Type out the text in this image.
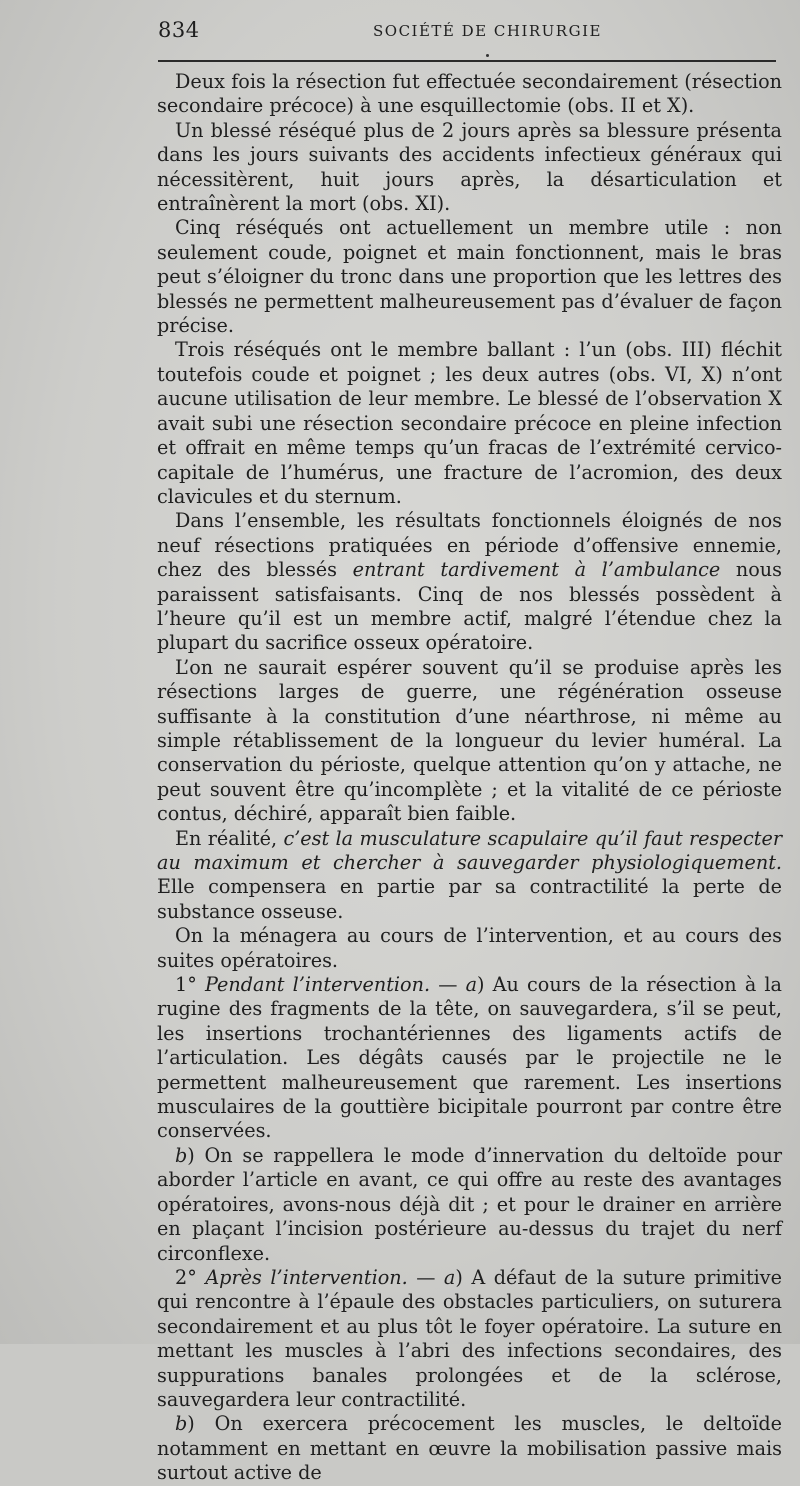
834	SOCIÉTÉ DE CHIRURGIE

Deux fois la résection fut effectuée secondairement (résection secondaire précoce) à une esquillectomie (obs. II et X).

Un blessé réséqué plus de 2 jours après sa blessure présenta dans les jours suivants des accidents infectieux généraux qui nécessitèrent, huit jours après, la désarticulation et entraînèrent la mort (obs. XI).

Cinq réséqués ont actuellement un membre utile : non seulement coude, poignet et main fonctionnent, mais le bras peut s’éloigner du tronc dans une proportion que les lettres des blessés ne permettent malheureusement pas d’évaluer de façon précise.

Trois réséqués ont le membre ballant : l’un (obs. III) fléchit toutefois coude et poignet ; les deux autres (obs. VI, X) n’ont aucune utilisation de leur membre. Le blessé de l’observation X avait subi une résection secondaire précoce en pleine infection et offrait en même temps qu’un fracas de l’extrémité cervico-capitale de l’humérus, une fracture de l’acromion, des deux clavicules et du sternum.

Dans l’ensemble, les résultats fonctionnels éloignés de nos neuf résections pratiquées en période d’offensive ennemie, chez des blessés entrant tardivement à l’ambulance nous paraissent satisfaisants. Cinq de nos blessés possèdent à l’heure qu’il est un membre actif, malgré l’étendue chez la plupart du sacrifice osseux opératoire.

L’on ne saurait espérer souvent qu’il se produise après les résections larges de guerre, une régénération osseuse suffisante à la constitution d’une néarthrose, ni même au simple rétablissement de la longueur du levier huméral. La conservation du périoste, quelque attention qu’on y attache, ne peut souvent être qu’incomplète ; et la vitalité de ce périoste contus, déchiré, apparaît bien faible.

En réalité, c’est la musculature scapulaire qu’il faut respecter au maximum et chercher à sauvegarder physiologiquement. Elle compensera en partie par sa contractilité la perte de substance osseuse.

On la ménagera au cours de l’intervention, et au cours des suites opératoires.

1° Pendant l’intervention. — a) Au cours de la résection à la rugine des fragments de la tête, on sauvegardera, s’il se peut, les insertions trochantériennes des ligaments actifs de l’articulation. Les dégâts causés par le projectile ne le permettent malheureusement que rarement. Les insertions musculaires de la gouttière bicipitale pourront par contre être conservées.

b) On se rappellera le mode d’innervation du deltoïde pour aborder l’article en avant, ce qui offre au reste des avantages opératoires, avons-nous déjà dit ; et pour le drainer en arrière en plaçant l’incision postérieure au-dessus du trajet du nerf circonflexe.

2° Après l’intervention. — a) A défaut de la suture primitive qui rencontre à l’épaule des obstacles particuliers, on suturera secondairement et au plus tôt le foyer opératoire. La suture en mettant les muscles à l’abri des infections secondaires, des suppurations banales prolongées et de la sclérose, sauvegardera leur contractilité.

b) On exercera précocement les muscles, le deltoïde notamment en mettant en œuvre la mobilisation passive mais surtout active de
